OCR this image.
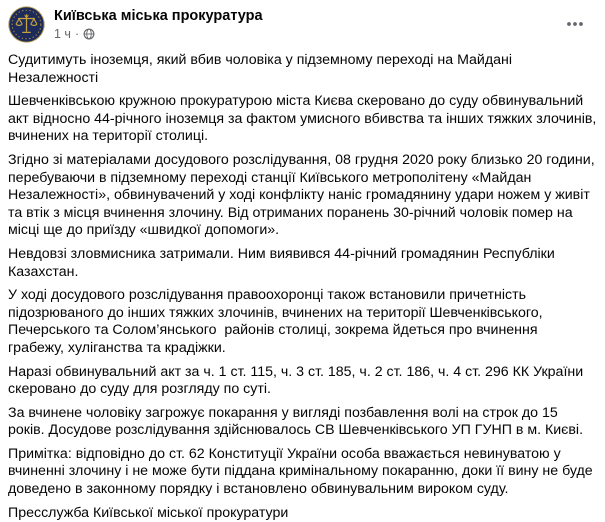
Київська міська прокуратура
1 ч ·

Судитимуть іноземця, який вбив чоловіка у підземному переході на Майдані Незалежності

Шевченківською кружною прокуратурою міста Києва скеровано до суду обвинувальний акт відносно 44-річного іноземця за фактом умисного вбивства та інших тяжких злочинів, вчинених на території столиці.

Згідно зі матеріалами досудового розслідування, 08 грудня 2020 року близько 20 години, перебуваючи в підземному переході станції Київського метрополітену «Майдан Незалежності», обвинувачений у ході конфлікту наніс громадянину удари ножем у живіт та втік з місця вчинення злочину. Від отриманих поранень 30-річний чоловік помер на місці ще до приїзду «швидкої допомоги».

Невдовзі зловмисника затримали. Ним виявився 44-річний громадянин Республіки Казахстан.

У ході досудового розслідування правоохоронці також встановили причетність підозрюваного до інших тяжких злочинів, вчинених на території Шевченківського, Печерського та Солом’янського  районів столиці, зокрема йдеться про вчинення грабежу, хуліганства та крадіжки.

Наразі обвинувальний акт за ч. 1 ст. 115, ч. 3 ст. 185, ч. 2 ст. 186, ч. 4 ст. 296 КК України скеровано до суду для розгляду по суті.

За вчинене чоловіку загрожує покарання у вигляді позбавлення волі на строк до 15 років. Досудове розслідування здійснювалось СВ Шевченківського УП ГУНП в м. Києві.

Примітка: відповідно до ст. 62 Конституції України особа вважається невинуватою у вчиненні злочину і не може бути піддана кримінальному покаранню, доки її вину не буде доведено в законному порядку і встановлено обвинувальним вироком суду.

Пресслужба Київської міської прокуратури
